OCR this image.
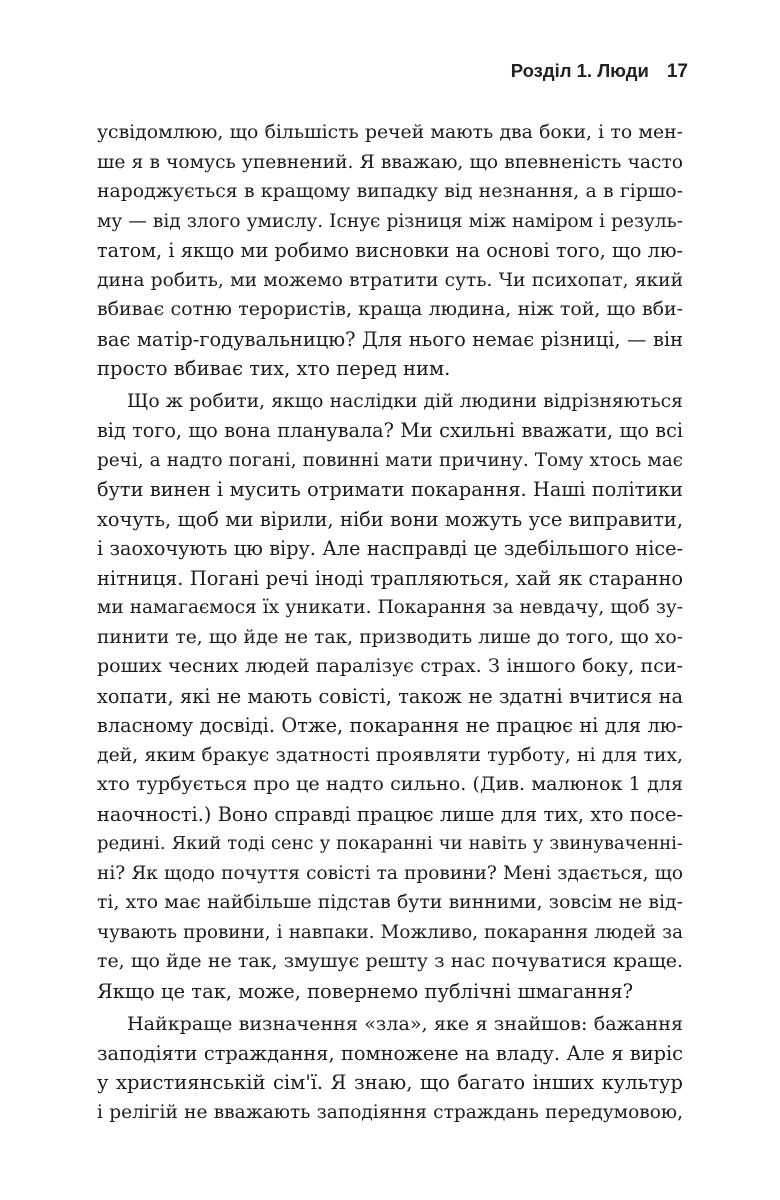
Розділ 1. Люди 17
усвідомлюю, що більшість речей мають два боки, і то мен-
ше я в чомусь упевнений. Я вважаю, що впевненість часто
народжується в кращому випадку від незнання, а в гіршо-
му — від злого умислу. Існує різниця між наміром і резуль-
татом, і якщо ми робимо висновки на основі того, що лю-
дина робить, ми можемо втратити суть. Чи психопат, який
вбиває сотню терористів, краща людина, ніж той, що вби-
ває матір-годувальницю? Для нього немає різниці, — він
просто вбиває тих, хто перед ним.
Що ж робити, якщо наслідки дій людини відрізняються
від того, що вона планувала? Ми схильні вважати, що всі
речі, а надто погані, повинні мати причину. Тому хтось має
бути винен і мусить отримати покарання. Наші політики
хочуть, щоб ми вірили, ніби вони можуть усе виправити,
і заохочують цю віру. Але насправді це здебільшого нісе-
нітниця. Погані речі іноді трапляються, хай як старанно
ми намагаємося їх уникати. Покарання за невдачу, щоб зу-
пинити те, що йде не так, призводить лише до того, що хо-
роших чесних людей паралізує страх. З іншого боку, пси-
хопати, які не мають совісті, також не здатні вчитися на
власному досвіді. Отже, покарання не працює ні для лю-
дей, яким бракує здатності проявляти турботу, ні для тих,
хто турбується про це надто сильно. (Див. малюнок 1 для
наочності.) Воно справді працює лише для тих, хто посе-
редині. Який тоді сенс у покаранні чи навіть у звинуваченні-
ні? Як щодо почуття совісті та провини? Мені здається, що
ті, хто має найбільше підстав бути винними, зовсім не від-
чувають провини, і навпаки. Можливо, покарання людей за
те, що йде не так, змушує решту з нас почуватися краще.
Якщо це так, може, повернемо публічні шмагання?
Найкраще визначення «зла», яке я знайшов: бажання
заподіяти страждання, помножене на владу. Але я виріс
у християнській сім'ї. Я знаю, що багато інших культур
і релігій не вважають заподіяння страждань передумовою,
